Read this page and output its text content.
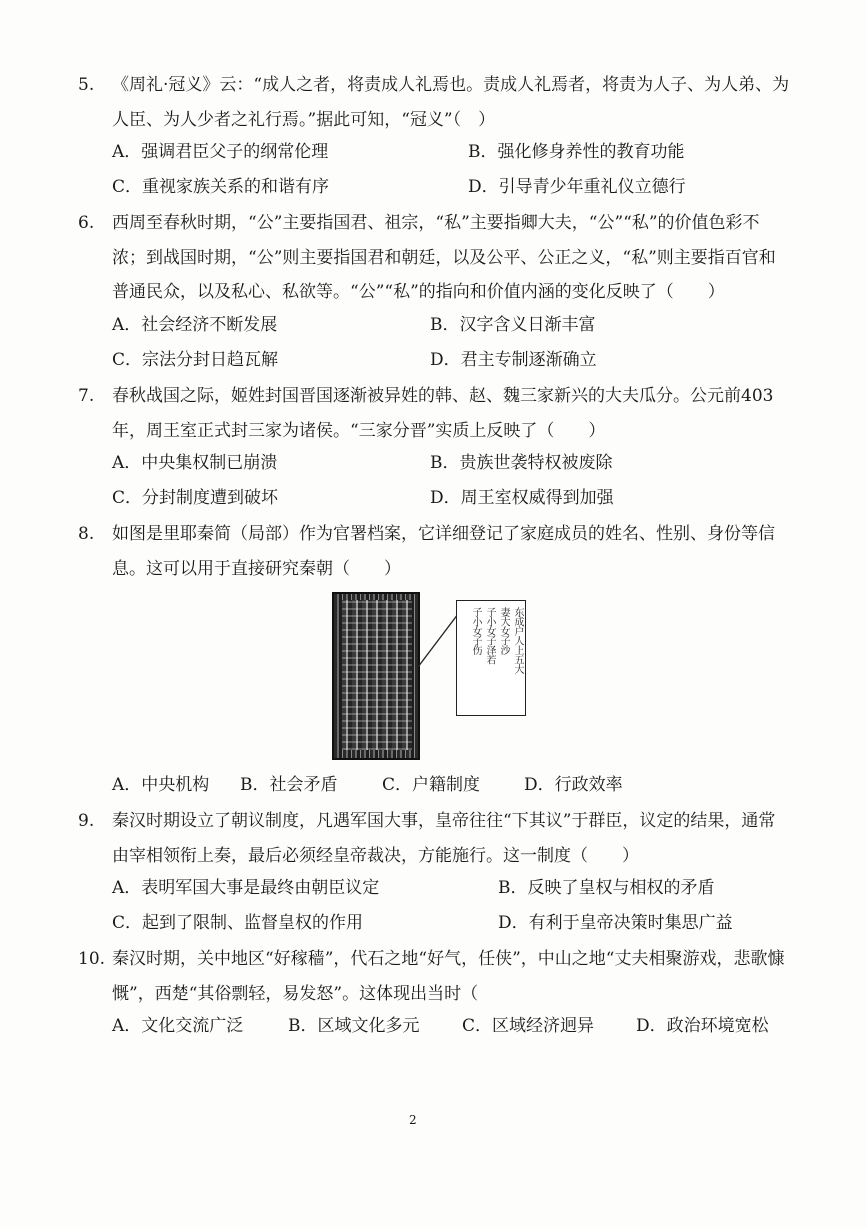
5. 《周礼·冠义》云：“成人之者，将责成人礼焉也。责成人礼焉者，将责为人子、为人弟、为人臣、为人少者之礼行焉。”据此可知，“冠义”（　）
A．强调君臣父子的纲常伦理	B．强化修身养性的教育功能
C．重视家族关系的和谐有序	D．引导青少年重礼仪立德行
6. 西周至春秋时期，“公”主要指国君、祖宗，“私”主要指卿大夫，“公”“私”的价值色彩不浓；到战国时期，“公”则主要指国君和朝廷，以及公平、公正之义，“私”则主要指百官和普通民众，以及私心、私欲等。“公”“私”的指向和价值内涵的变化反映了（　　）
A．社会经济不断发展	B．汉字含义日渐丰富
C．宗法分封日趋瓦解	D．君主专制逐渐确立
7. 春秋战国之际，姬姓封国晋国逐渐被异姓的韩、赵、魏三家新兴的大夫瓜分。公元前403年，周王室正式封三家为诸侯。“三家分晋”实质上反映了（　　）
A．中央集权制已崩溃	B．贵族世袭特权被废除
C．分封制度遭到破坏	D．周王室权威得到加强
8. 如图是里耶秦简（局部）作为官署档案，它详细登记了家庭成员的姓名、性别、身份等信息。这可以用于直接研究秦朝（　　）
东成户人上五大
妻大女子沙
子小女子泽若
子小女子伤
A．中央机构 B．社会矛盾	C．户籍制度	D．行政效率
9. 秦汉时期设立了朝议制度，凡遇军国大事，皇帝往往“下其议”于群臣，议定的结果，通常由宰相领衔上奏，最后必须经皇帝裁决，方能施行。这一制度（　　）
A．表明军国大事是最终由朝臣议定	B．反映了皇权与相权的矛盾
C．起到了限制、监督皇权的作用	D．有利于皇帝决策时集思广益
10. 秦汉时期，关中地区“好稼穑”，代石之地“好气，任侠”，中山之地“丈夫相聚游戏，悲歌慷慨”，西楚“其俗剽轻，易发怒”。这体现出当时（
A．文化交流广泛	B．区域文化多元	C．区域经济迥异 D．政治环境宽松
2
